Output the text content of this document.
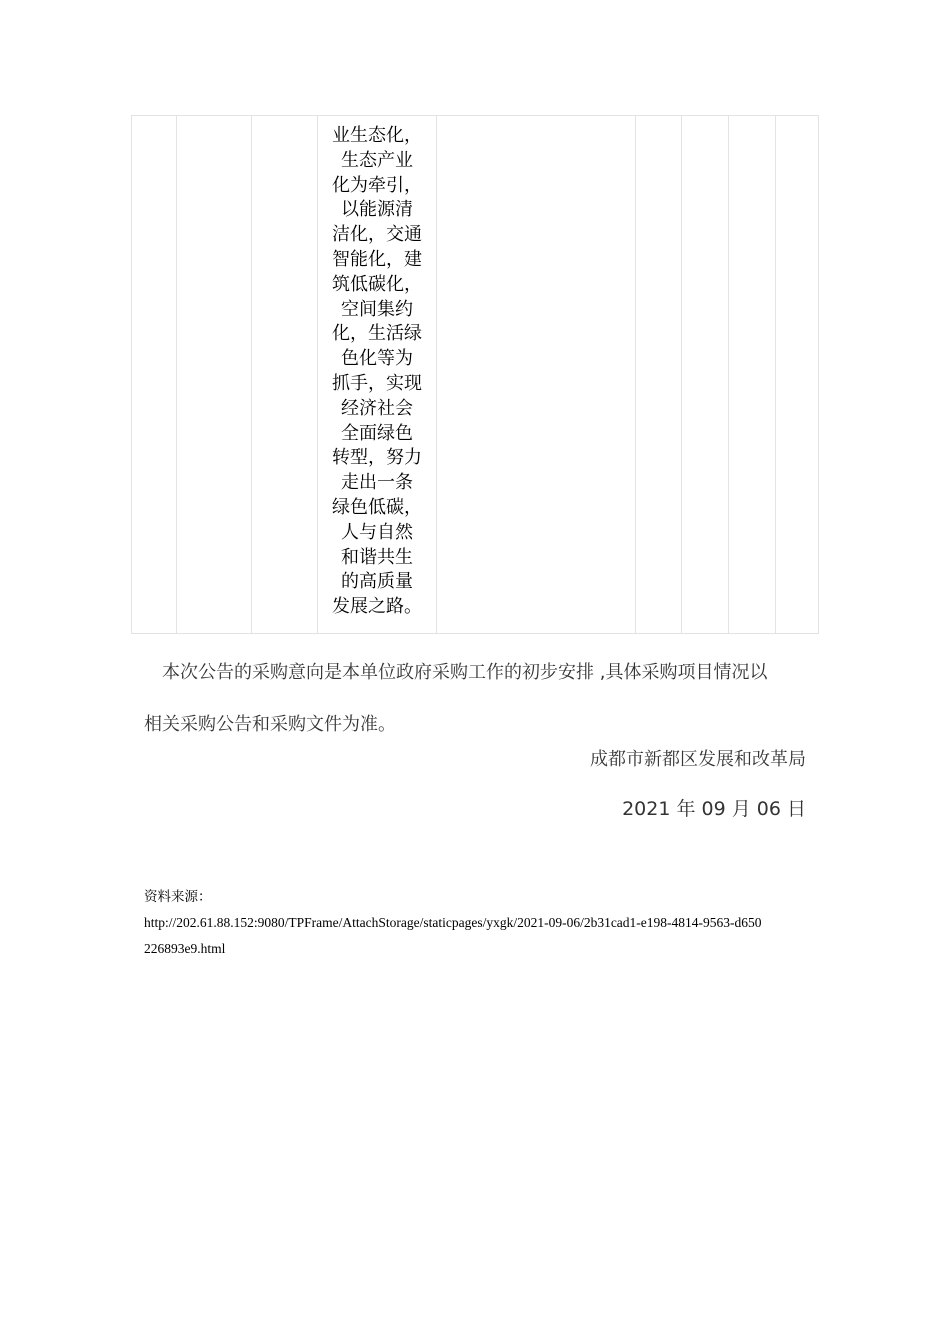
业生态化，
生态产业
化为牵引，
以能源清
洁化，交通
智能化，建
筑低碳化，
空间集约
化，生活绿
色化等为
抓手，实现
经济社会
全面绿色
转型，努力
走出一条
绿色低碳，
人与自然
和谐共生
的高质量
发展之路。
本次公告的采购意向是本单位政府采购工作的初步安排 ,具体采购项目情况以
相关采购公告和采购文件为准。
成都市新都区发展和改革局
2021 年 09 月 06 日
资料来源：
http://202.61.88.152:9080/TPFrame/AttachStorage/staticpages/yxgk/2021-09-06/2b31cad1-e198-4814-9563-d650
226893e9.html
